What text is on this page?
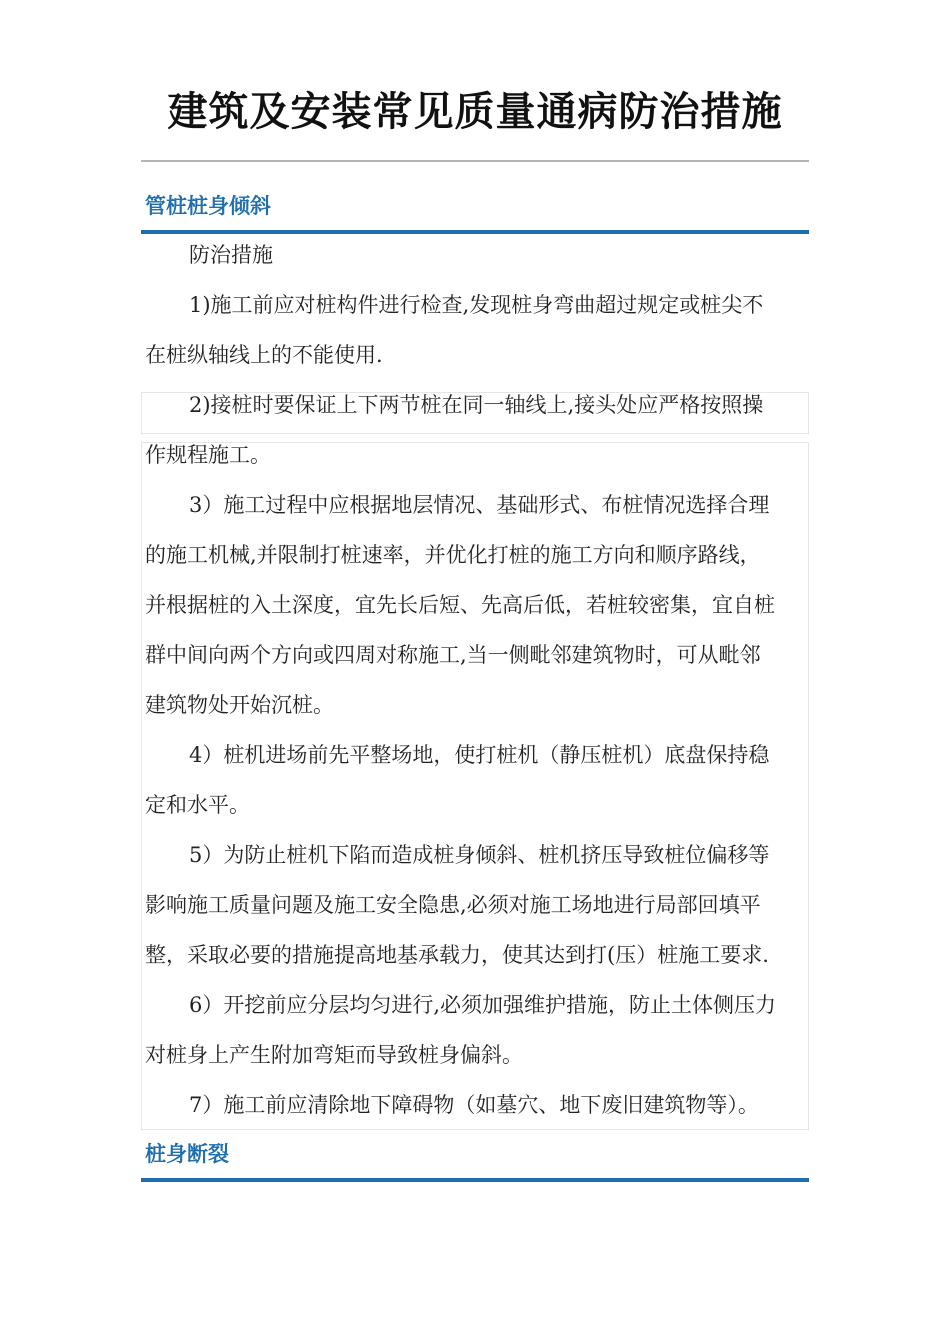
建筑及安装常见质量通病防治措施
管桩桩身倾斜
防治措施
1)施工前应对桩构件进行检查,发现桩身弯曲超过规定或桩尖不
在桩纵轴线上的不能使用.
2)接桩时要保证上下两节桩在同一轴线上,接头处应严格按照操
作规程施工。
3）施工过程中应根据地层情况、基础形式、布桩情况选择合理
的施工机械,并限制打桩速率，并优化打桩的施工方向和顺序路线，
并根据桩的入土深度，宜先长后短、先高后低，若桩较密集，宜自桩
群中间向两个方向或四周对称施工,当一侧毗邻建筑物时，可从毗邻
建筑物处开始沉桩。
4）桩机进场前先平整场地，使打桩机（静压桩机）底盘保持稳
定和水平。
5）为防止桩机下陷而造成桩身倾斜、桩机挤压导致桩位偏移等
影响施工质量问题及施工安全隐患,必须对施工场地进行局部回填平
整，采取必要的措施提高地基承载力，使其达到打(压）桩施工要求.
6）开挖前应分层均匀进行,必须加强维护措施，防止土体侧压力
对桩身上产生附加弯矩而导致桩身偏斜。
7）施工前应清除地下障碍物（如墓穴、地下废旧建筑物等）。
桩身断裂
